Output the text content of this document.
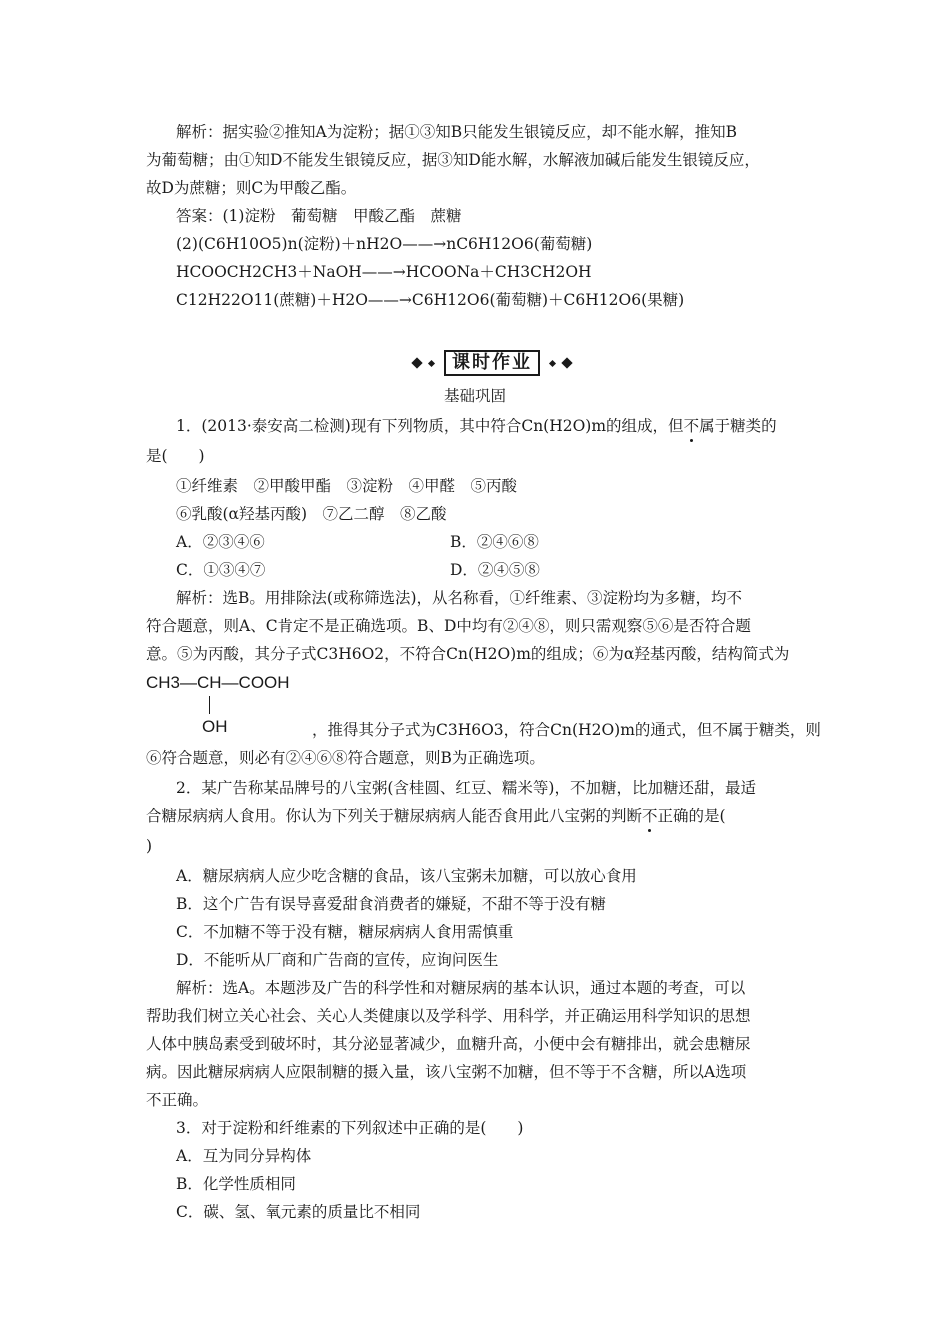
解析：据实验②推知A为淀粉；据①③知B只能发生银镜反应，却不能水解，推知B
为葡萄糖；由①知D不能发生银镜反应，据③知D能水解，水解液加碱后能发生银镜反应，
故D为蔗糖；则C为甲酸乙酯。
答案：(1)淀粉　葡萄糖　甲酸乙酯　蔗糖
(2)(C6H10O5)n(淀粉)＋nH2O——→nC6H12O6(葡萄糖)
HCOOCH2CH3＋NaOH——→HCOONa＋CH3CH2OH
C12H22O11(蔗糖)＋H2O——→C6H12O6(葡萄糖)＋C6H12O6(果糖)
课时作业
基础巩固
1．(2013·泰安高二检测)现有下列物质，其中符合Cn(H2O)m的组成，但不属于糖类的
是(　　)
①纤维素　②甲酸甲酯　③淀粉　④甲醛　⑤丙酸
⑥乳酸(α羟基丙酸)　⑦乙二醇　⑧乙酸
A．②③④⑥	B．②④⑥⑧
C．①③④⑦	D．②④⑤⑧
解析：选B。用排除法(或称筛选法)，从名称看，①纤维素、③淀粉均为多糖，均不
符合题意，则A、C肯定不是正确选项。B、D中均有②④⑧，则只需观察⑤⑥是否符合题
意。⑤为丙酸，其分子式C3H6O2，不符合Cn(H2O)m的组成；⑥为α羟基丙酸，结构简式为
CH3—CH—COOH
OH	，推得其分子式为C3H6O3，符合Cn(H2O)m的通式，但不属于糖类，则
⑥符合题意，则必有②④⑥⑧符合题意，则B为正确选项。
2．某广告称某品牌号的八宝粥(含桂圆、红豆、糯米等)，不加糖，比加糖还甜，最适
合糖尿病病人食用。你认为下列关于糖尿病病人能否食用此八宝粥的判断不正确的是(
)
A．糖尿病病人应少吃含糖的食品，该八宝粥未加糖，可以放心食用
B．这个广告有误导喜爱甜食消费者的嫌疑，不甜不等于没有糖
C．不加糖不等于没有糖，糖尿病病人食用需慎重
D．不能听从厂商和广告商的宣传，应询问医生
解析：选A。本题涉及广告的科学性和对糖尿病的基本认识，通过本题的考查，可以
帮助我们树立关心社会、关心人类健康以及学科学、用科学，并正确运用科学知识的思想
人体中胰岛素受到破坏时，其分泌显著减少，血糖升高，小便中会有糖排出，就会患糖尿
病。因此糖尿病病人应限制糖的摄入量，该八宝粥不加糖，但不等于不含糖，所以A选项
不正确。
3．对于淀粉和纤维素的下列叙述中正确的是(　　)
A．互为同分异构体
B．化学性质相同
C．碳、氢、氧元素的质量比不相同
